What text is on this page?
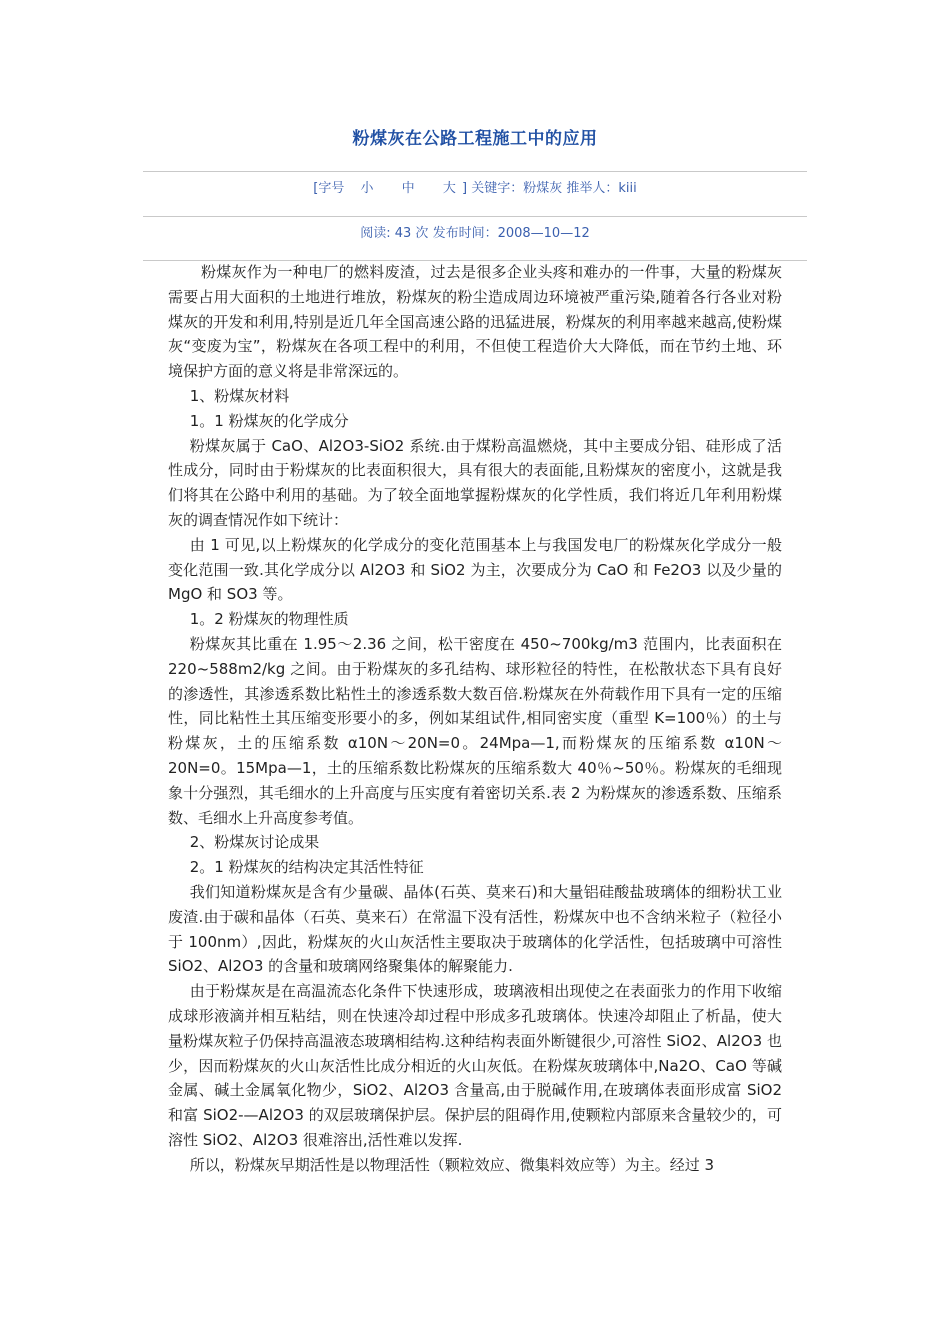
粉煤灰在公路工程施工中的应用
[字号 小 中 大 ] 关键字：粉煤灰 推举人：kiii
阅读: 43 次 发布时间：2008—10—12

粉煤灰作为一种电厂的燃料废渣，过去是很多企业头疼和难办的一件事，大量的粉煤灰需要占用大面积的土地进行堆放，粉煤灰的粉尘造成周边环境被严重污染,随着各行各业对粉煤灰的开发和利用,特别是近几年全国高速公路的迅猛进展，粉煤灰的利用率越来越高,使粉煤灰“变废为宝”，粉煤灰在各项工程中的利用，不但使工程造价大大降低，而在节约土地、环境保护方面的意义将是非常深远的。

1、粉煤灰材料

1。1 粉煤灰的化学成分

粉煤灰属于 CaO、Al2O3-SiO2 系统.由于煤粉高温燃烧，其中主要成分铝、硅形成了活性成分，同时由于粉煤灰的比表面积很大，具有很大的表面能,且粉煤灰的密度小，这就是我们将其在公路中利用的基础。为了较全面地掌握粉煤灰的化学性质，我们将近几年利用粉煤灰的调查情况作如下统计：

由 1 可见,以上粉煤灰的化学成分的变化范围基本上与我国发电厂的粉煤灰化学成分一般变化范围一致.其化学成分以 Al2O3 和 SiO2 为主，次要成分为 CaO 和 Fe2O3 以及少量的 MgO 和 SO3 等。

1。2 粉煤灰的物理性质

粉煤灰其比重在 1.95～2.36 之间，松干密度在 450~700kg/m3 范围内，比表面积在 220~588m2/kg 之间。由于粉煤灰的多孔结构、球形粒径的特性，在松散状态下具有良好的渗透性，其渗透系数比粘性土的渗透系数大数百倍.粉煤灰在外荷载作用下具有一定的压缩性，同比粘性土其压缩变形要小的多，例如某组试件,相同密实度（重型 K=100％）的土与粉煤灰，土的压缩系数 α10N～20N=0。24Mpa—1,而粉煤灰的压缩系数 α10N～20N=0。15Mpa—1，土的压缩系数比粉煤灰的压缩系数大 40％~50％。粉煤灰的毛细现象十分强烈，其毛细水的上升高度与压实度有着密切关系.表 2 为粉煤灰的渗透系数、压缩系数、毛细水上升高度参考值。

2、粉煤灰讨论成果

2。1 粉煤灰的结构决定其活性特征

我们知道粉煤灰是含有少量碳、晶体(石英、莫来石)和大量铝硅酸盐玻璃体的细粉状工业废渣.由于碳和晶体（石英、莫来石）在常温下没有活性，粉煤灰中也不含纳米粒子（粒径小于 100nm）,因此，粉煤灰的火山灰活性主要取决于玻璃体的化学活性，包括玻璃中可溶性 SiO2、Al2O3 的含量和玻璃网络聚集体的解聚能力.

由于粉煤灰是在高温流态化条件下快速形成，玻璃液相出现使之在表面张力的作用下收缩成球形液滴并相互粘结，则在快速冷却过程中形成多孔玻璃体。快速冷却阻止了析晶，使大量粉煤灰粒子仍保持高温液态玻璃相结构.这种结构表面外断键很少,可溶性 SiO2、Al2O3 也少，因而粉煤灰的火山灰活性比成分相近的火山灰低。在粉煤灰玻璃体中,Na2O、CaO 等碱金属、碱土金属氧化物少，SiO2、Al2O3 含量高,由于脱碱作用,在玻璃体表面形成富 SiO2 和富 SiO2-—Al2O3 的双层玻璃保护层。保护层的阻碍作用,使颗粒内部原来含量较少的，可溶性 SiO2、Al2O3 很难溶出,活性难以发挥.

所以，粉煤灰早期活性是以物理活性（颗粒效应、微集料效应等）为主。经过 3
